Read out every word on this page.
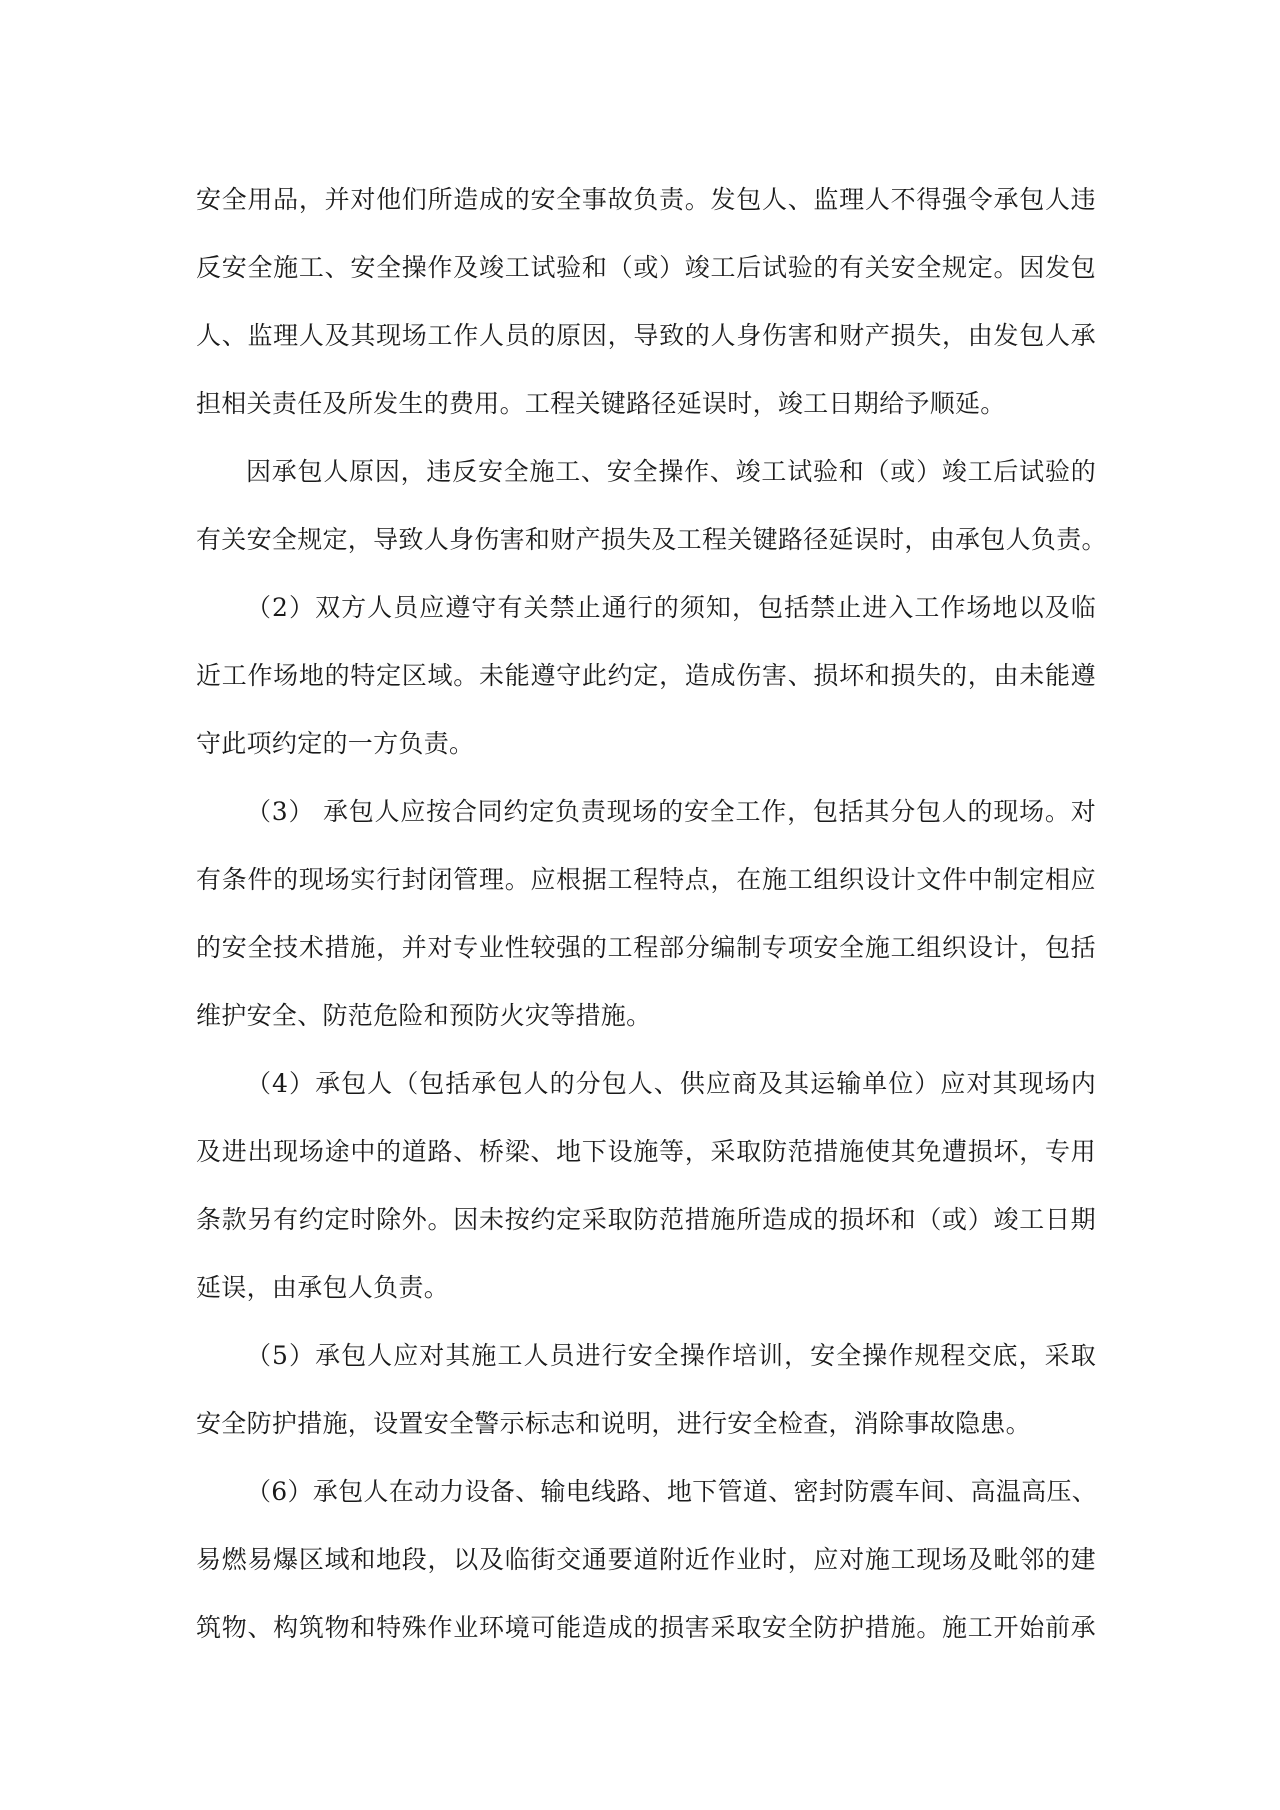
安全用品，并对他们所造成的安全事故负责。发包人、监理人不得强令承包人违
反安全施工、安全操作及竣工试验和（或）竣工后试验的有关安全规定。因发包
人、监理人及其现场工作人员的原因，导致的人身伤害和财产损失，由发包人承
担相关责任及所发生的费用。工程关键路径延误时，竣工日期给予顺延。
因承包人原因，违反安全施工、安全操作、竣工试验和（或）竣工后试验的
有关安全规定，导致人身伤害和财产损失及工程关键路径延误时，由承包人负责。
（2）双方人员应遵守有关禁止通行的须知，包括禁止进入工作场地以及临
近工作场地的特定区域。未能遵守此约定，造成伤害、损坏和损失的，由未能遵
守此项约定的一方负责。
（3） 承包人应按合同约定负责现场的安全工作，包括其分包人的现场。对
有条件的现场实行封闭管理。应根据工程特点，在施工组织设计文件中制定相应
的安全技术措施，并对专业性较强的工程部分编制专项安全施工组织设计，包括
维护安全、防范危险和预防火灾等措施。
（4）承包人（包括承包人的分包人、供应商及其运输单位）应对其现场内
及进出现场途中的道路、桥梁、地下设施等，采取防范措施使其免遭损坏，专用
条款另有约定时除外。因未按约定采取防范措施所造成的损坏和（或）竣工日期
延误，由承包人负责。
（5）承包人应对其施工人员进行安全操作培训，安全操作规程交底，采取
安全防护措施，设置安全警示标志和说明，进行安全检查，消除事故隐患。
（6）承包人在动力设备、输电线路、地下管道、密封防震车间、高温高压、
易燃易爆区域和地段，以及临街交通要道附近作业时，应对施工现场及毗邻的建
筑物、构筑物和特殊作业环境可能造成的损害采取安全防护措施。施工开始前承
